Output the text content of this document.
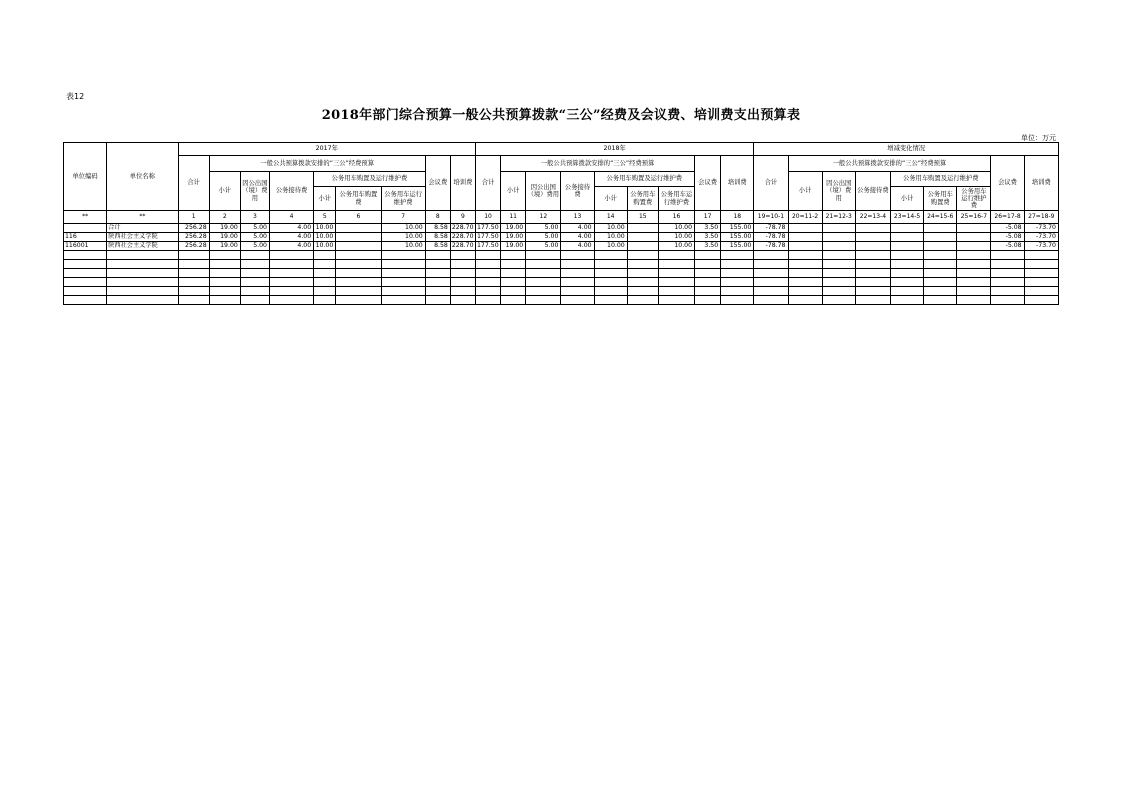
表12
2018年部门综合预算一般公共预算拨款“三公”经费及会议费、培训费支出预算表
单位：万元
单位编码	单位名称	2017年									2018年									增减变化情况								
		合计	一般公共预算拨款安排的“三公”经费预算						会议费	培训费	合计	一般公共预算拨款安排的“三公”经费预算						会议费	培训费	合计	一般公共预算拨款安排的“三公”经费预算						会议费	培训费
			小计	因公出国（境）费用	公务接待费	公务用车购置及运行维护费						小计	因公出国（境）费用	公务接待费	公务用车购置及运行维护费						小计	因公出国（境）费用	公务接待费	公务用车购置及运行维护费				
						小计	公务用车购置费	公务用车运行维护费							小计	公务用车购置费	公务用车运行维护费							小计	公务用车购置费	公务用车运行维护费		
**	**	1	2	3	4	5	6	7	8	9	10	11	12	13	14	15	16	17	18	19=10-1	20=11-2	21=12-3	22=13-4	23=14-5	24=15-6	25=16-7	26=17-8	27=18-9
	合计	256.28	19.00	5.00	4.00	10.00		10.00	8.58	228.70	177.50	19.00	5.00	4.00	10.00		10.00	3.50	155.00	-78.78							-5.08	-73.70
116	陕西社会主义学院	256.28	19.00	5.00	4.00	10.00		10.00	8.58	228.70	177.50	19.00	5.00	4.00	10.00		10.00	3.50	155.00	-78.78							-5.08	-73.70
116001	陕西社会主义学院	256.28	19.00	5.00	4.00	10.00		10.00	8.58	228.70	177.50	19.00	5.00	4.00	10.00		10.00	3.50	155.00	-78.78							-5.08	-73.70
